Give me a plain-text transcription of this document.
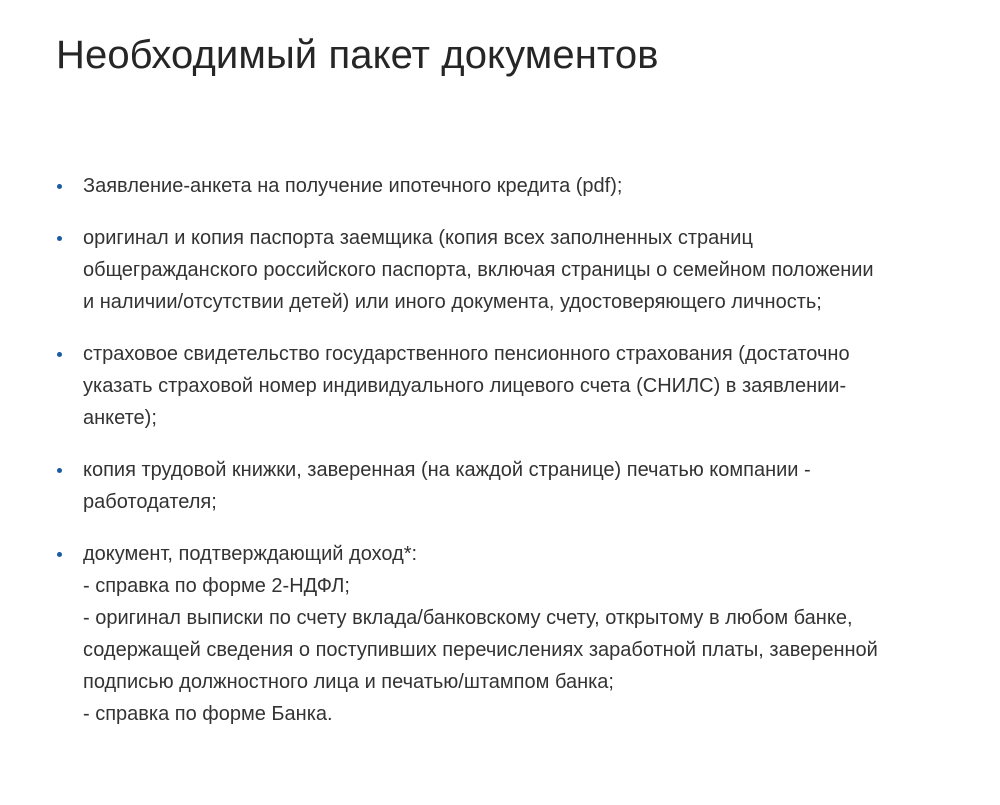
Необходимый пакет документов
Заявление-анкета на получение ипотечного кредита (pdf);
оригинал и копия паспорта заемщика (копия всех заполненных страниц
общегражданского российского паспорта, включая страницы о семейном положении
и наличии/отсутствии детей) или иного документа, удостоверяющего личность;
страховое свидетельство государственного пенсионного страхования (достаточно
указать страховой номер индивидуального лицевого счета (СНИЛС) в заявлении-
анкете);
копия трудовой книжки, заверенная (на каждой странице) печатью компании -
работодателя;
документ, подтверждающий доход*:
- справка по форме 2-НДФЛ;
- оригинал выписки по счету вклада/банковскому счету, открытому в любом банке,
содержащей сведения о поступивших перечислениях заработной платы, заверенной
подписью должностного лица и печатью/штампом банка;
- справка по форме Банка.
